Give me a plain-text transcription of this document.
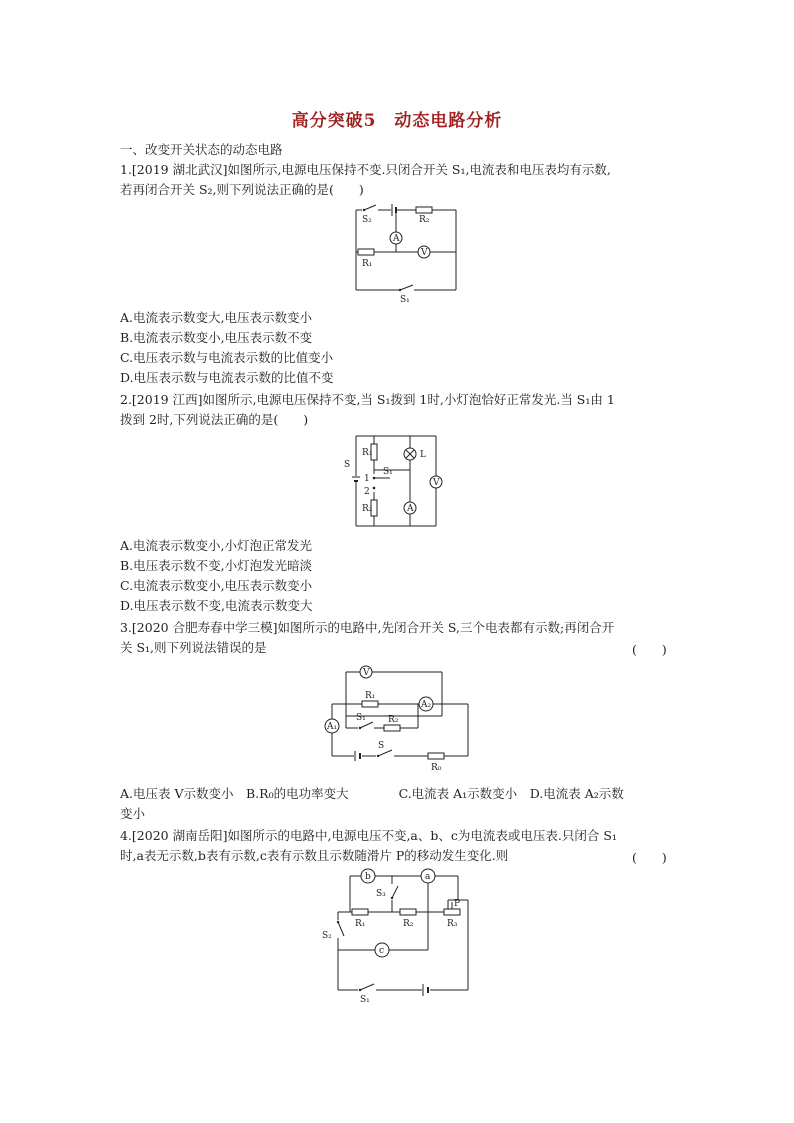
高分突破5　动态电路分析
一、改变开关状态的动态电路
1.[2019 湖北武汉]如图所示,电源电压保持不变.只闭合开关 S₁,电流表和电压表均有示数,
若再闭合开关 S₂,则下列说法正确的是(　　)
S₂	R₂
A
R₁
V
S₁
A.电流表示数变大,电压表示数变小
B.电流表示数变小,电压表示数不变
C.电压表示数与电流表示数的比值变小
D.电压表示数与电流表示数的比值不变
2.[2019 江西]如图所示,电源电压保持不变,当 S₁拨到 1时,小灯泡恰好正常发光.当 S₁由 1
拨到 2时,下列说法正确的是(　　)
S
R₁
S₁
1
2
R₂
L
A
V
A.电流表示数变小,小灯泡正常发光
B.电压表示数不变,小灯泡发光暗淡
C.电流表示数变小,电压表示数变小
D.电压表示数不变,电流表示数变大
3.[2020 合肥寿春中学三模]如图所示的电路中,先闭合开关 S,三个电表都有示数;再闭合开
关 S₁,则下列说法错误的是	(　　)
V
R₁
A₂
A₁
S₁ R₂
S
R₀
A.电压表 V示数变小　B.R₀的电功率变大　　　　C.电流表 A₁示数变小　D.电流表 A₂示数
变小
4.[2020 湖南岳阳]如图所示的电路中,电源电压不变,a、b、c为电流表或电压表.只闭合 S₁
时,a表无示数,b表有示数,c表有示数且示数随滑片 P的移动发生变化.则	(　　)
b	a
S₃
R₁	R₂
P
R₃
S₂
c
S₁
